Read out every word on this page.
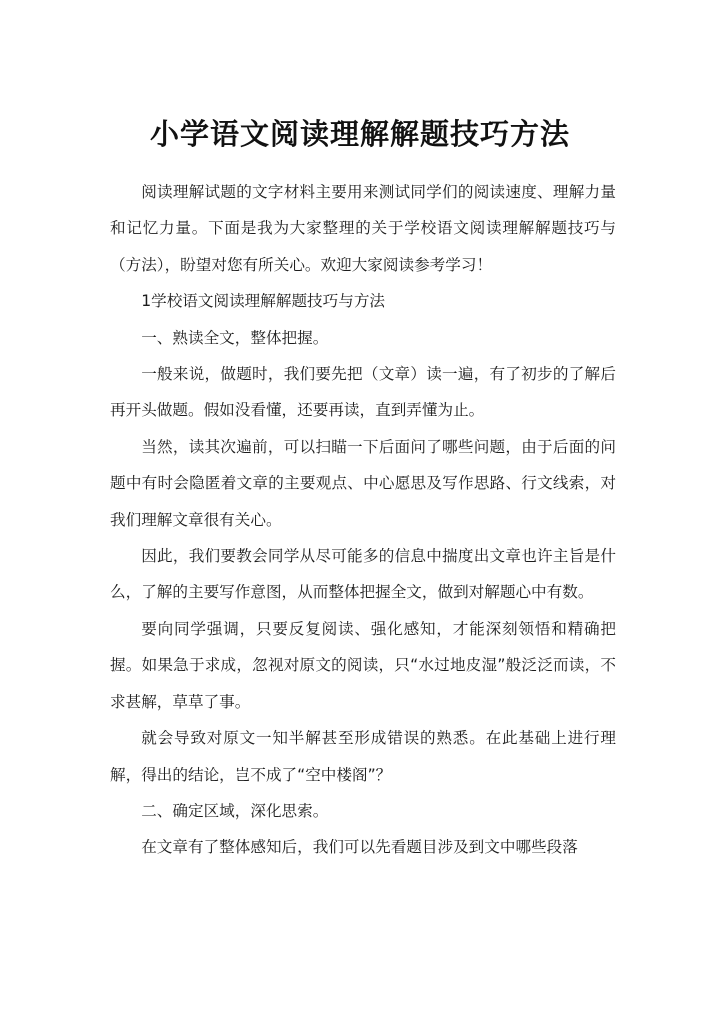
小学语文阅读理解解题技巧方法

阅读理解试题的文字材料主要用来测试同学们的阅读速度、理解力量和记忆力量。下面是我为大家整理的关于学校语文阅读理解解题技巧与（方法），盼望对您有所关心。欢迎大家阅读参考学习！

1学校语文阅读理解解题技巧与方法

一、熟读全文，整体把握。

一般来说，做题时，我们要先把（文章）读一遍，有了初步的了解后再开头做题。假如没看懂，还要再读，直到弄懂为止。

当然，读其次遍前，可以扫瞄一下后面问了哪些问题，由于后面的问题中有时会隐匿着文章的主要观点、中心愿思及写作思路、行文线索，对我们理解文章很有关心。

因此，我们要教会同学从尽可能多的信息中揣度出文章也许主旨是什么，了解的主要写作意图，从而整体把握全文，做到对解题心中有数。

要向同学强调，只要反复阅读、强化感知，才能深刻领悟和精确把握。如果急于求成，忽视对原文的阅读，只“水过地皮湿”般泛泛而读，不求甚解，草草了事。

就会导致对原文一知半解甚至形成错误的熟悉。在此基础上进行理解，得出的结论，岂不成了“空中楼阁”？

二、确定区域，深化思索。

在文章有了整体感知后，我们可以先看题目涉及到文中哪些段落
